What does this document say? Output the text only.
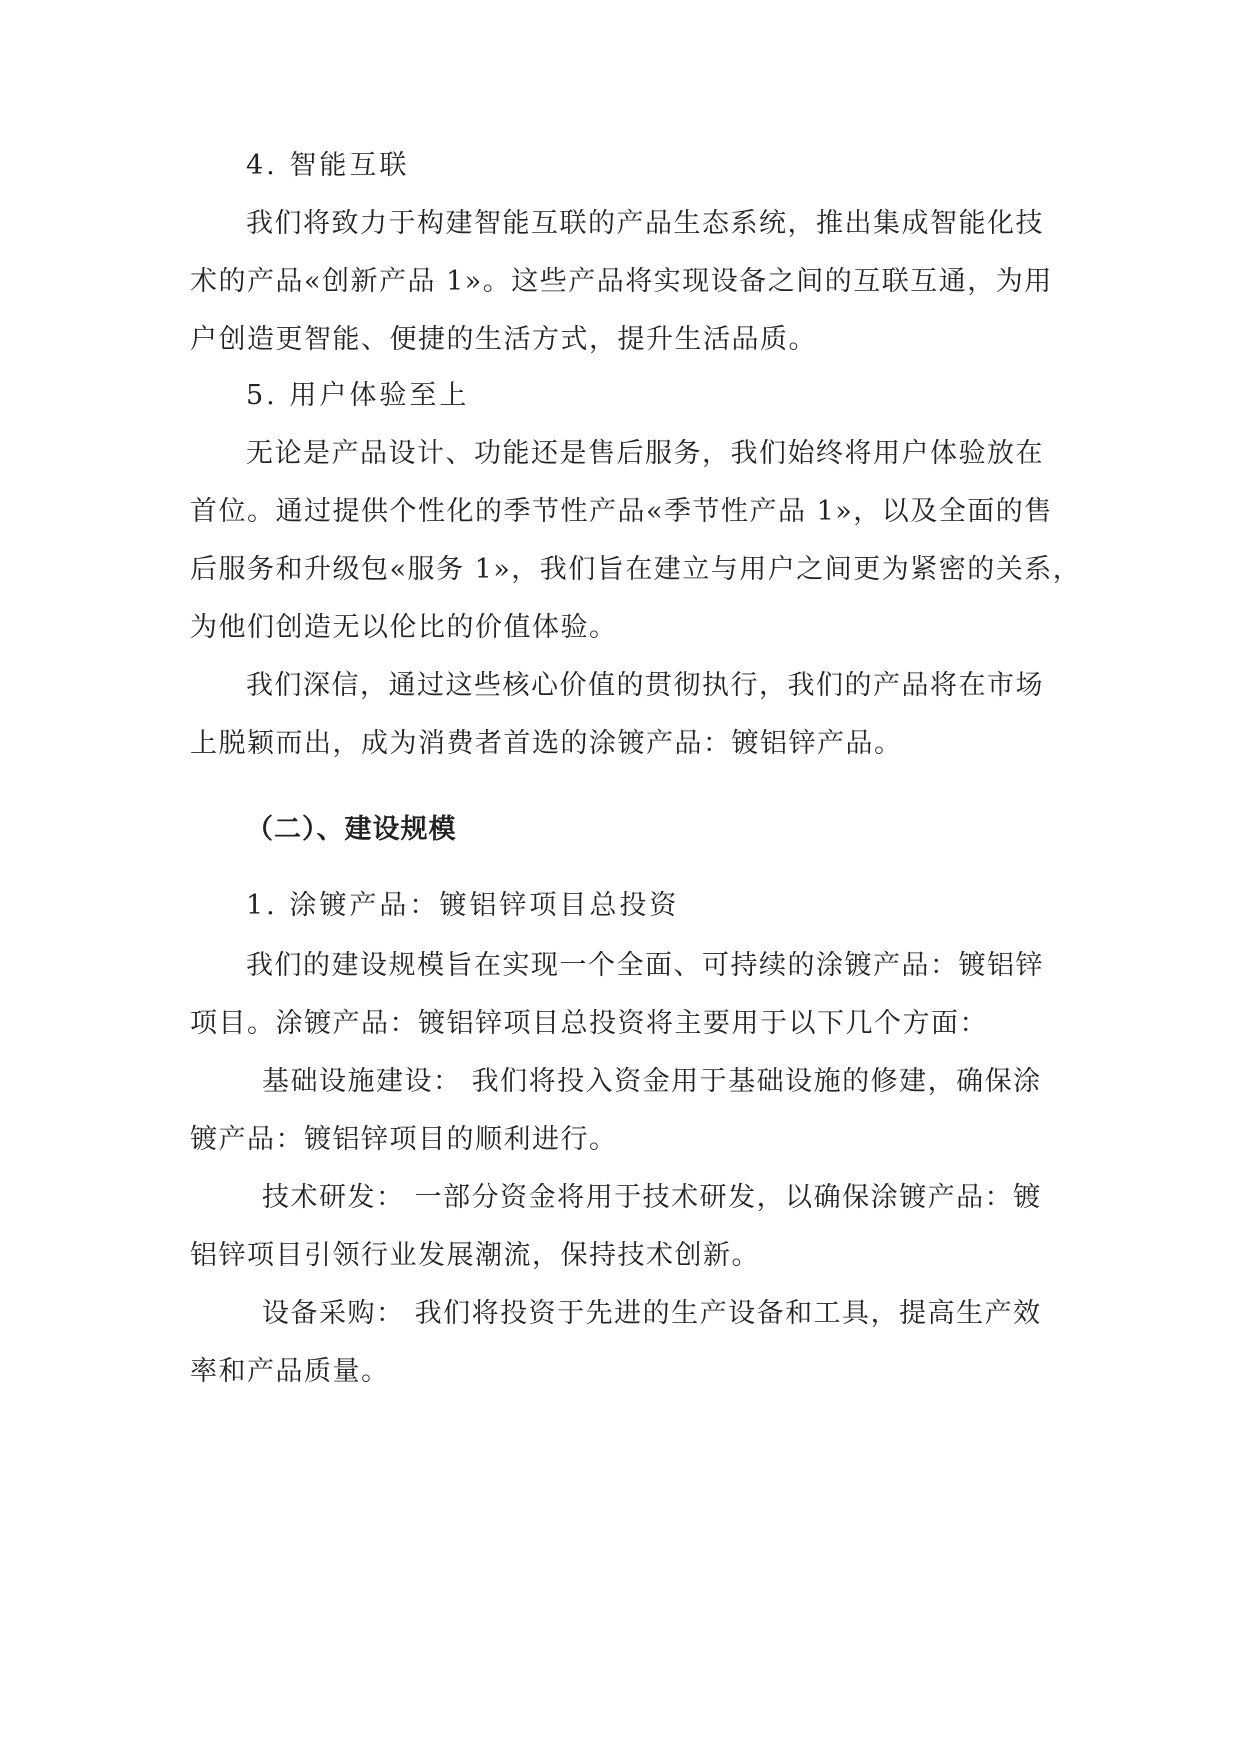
4. 智能互联
我们将致力于构建智能互联的产品生态系统，推出集成智能化技
术的产品«创新产品 1»。这些产品将实现设备之间的互联互通，为用
户创造更智能、便捷的生活方式，提升生活品质。
5. 用户体验至上
无论是产品设计、功能还是售后服务，我们始终将用户体验放在
首位。通过提供个性化的季节性产品«季节性产品 1»，以及全面的售
后服务和升级包«服务 1»，我们旨在建立与用户之间更为紧密的关系，
为他们创造无以伦比的价值体验。
我们深信，通过这些核心价值的贯彻执行，我们的产品将在市场
上脱颖而出，成为消费者首选的涂镀产品：镀铝锌产品。
（二）、建设规模
1. 涂镀产品：镀铝锌项目总投资
我们的建设规模旨在实现一个全面、可持续的涂镀产品：镀铝锌
项目。涂镀产品：镀铝锌项目总投资将主要用于以下几个方面：
基础设施建设： 我们将投入资金用于基础设施的修建，确保涂
镀产品：镀铝锌项目的顺利进行。
技术研发： 一部分资金将用于技术研发，以确保涂镀产品：镀
铝锌项目引领行业发展潮流，保持技术创新。
设备采购： 我们将投资于先进的生产设备和工具，提高生产效
率和产品质量。
